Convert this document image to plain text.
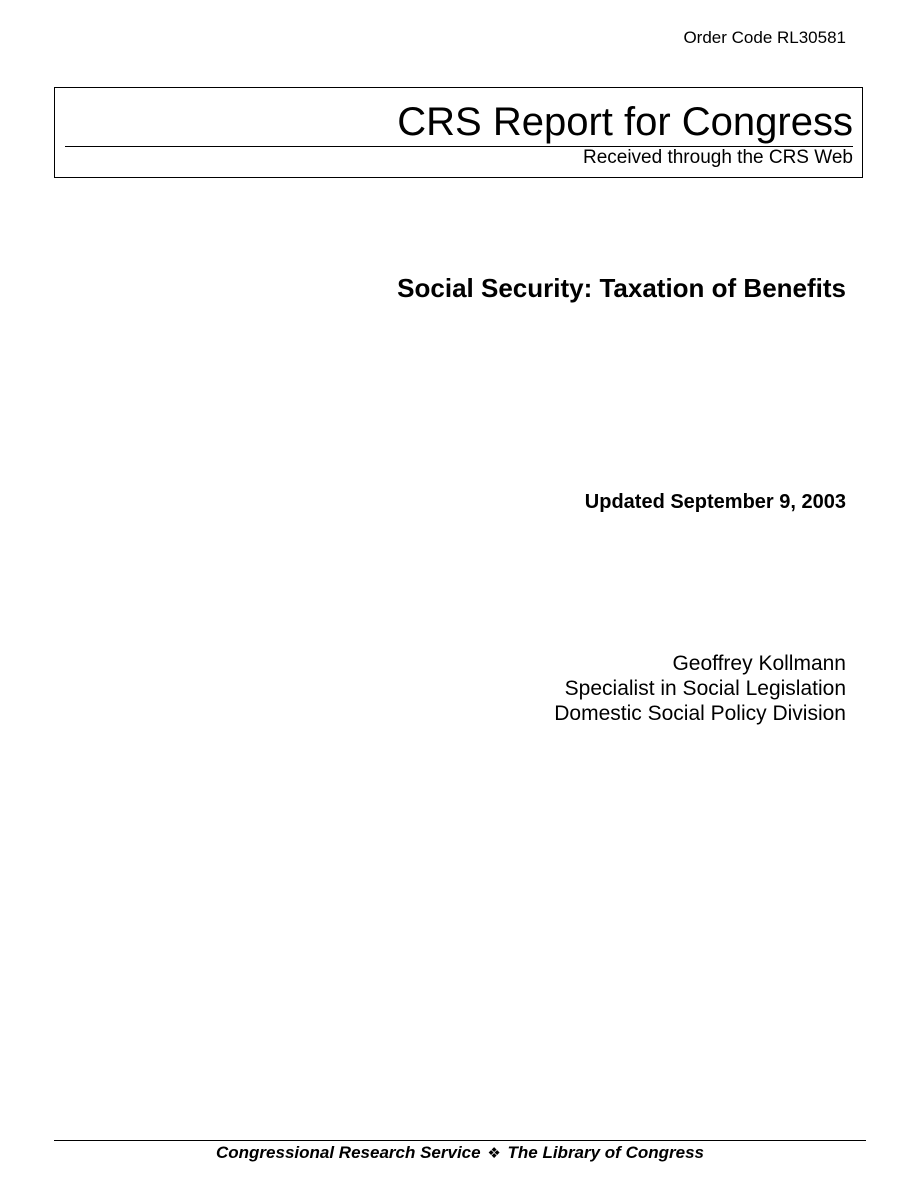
Order Code RL30581
CRS Report for Congress
Received through the CRS Web
Social Security: Taxation of Benefits
Updated September 9, 2003
Geoffrey Kollmann
Specialist in Social Legislation
Domestic Social Policy Division
Congressional Research Service ❖ The Library of Congress
